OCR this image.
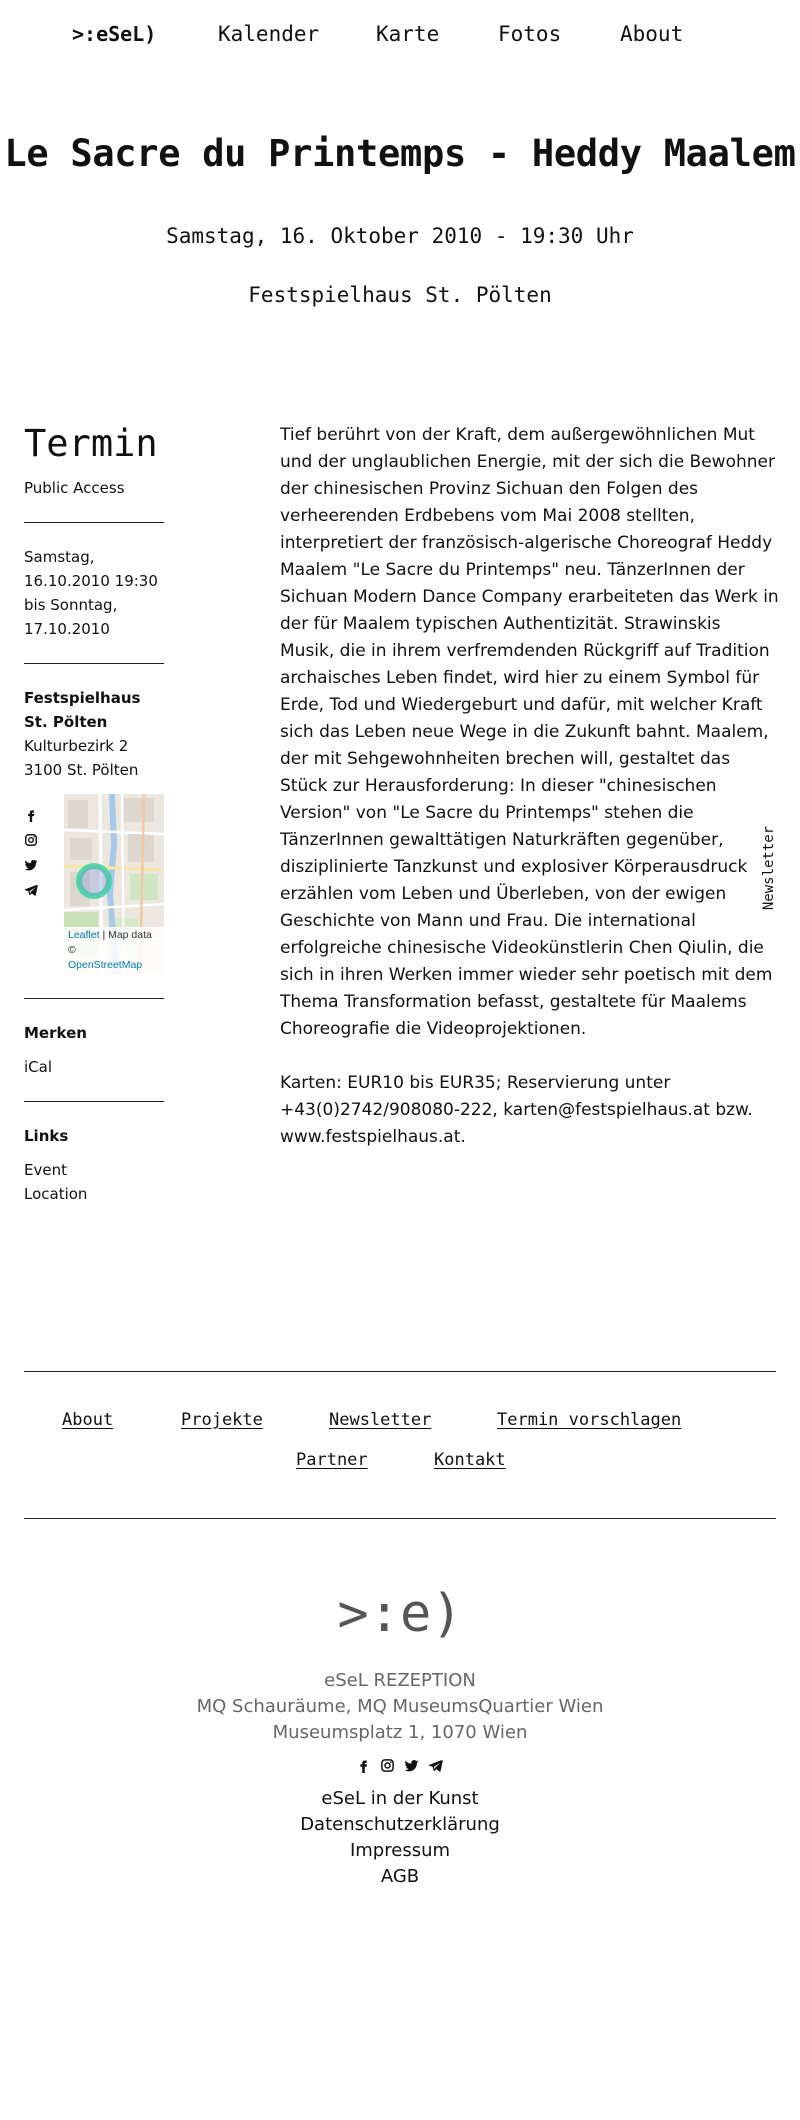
>:eSeL)	Kalender	Karte	Fotos	About
Le Sacre du Printemps - Heddy Maalem
Samstag, 16. Oktober 2010 - 19:30 Uhr
Festspielhaus St. Pölten
Termin
Public Access
Samstag,
16.10.2010 19:30
bis Sonntag,
17.10.2010
Festspielhaus St. Pölten
Kulturbezirk 2
3100 St. Pölten
Leaflet | Map data ©
OpenStreetMap
Merken
iCal
Links
Event
Location

Tief berührt von der Kraft, dem außergewöhnlichen Mut und der unglaublichen Energie, mit der sich die Bewohner der chinesischen Provinz Sichuan den Folgen des verheerenden Erdbebens vom Mai 2008 stellten, interpretiert der französisch-algerische Choreograf Heddy Maalem "Le Sacre du Printemps" neu. TänzerInnen der Sichuan Modern Dance Company erarbeiteten das Werk in der für Maalem typischen Authentizität. Strawinskis Musik, die in ihrem verfremdenden Rückgriff auf Tradition archaisches Leben findet, wird hier zu einem Symbol für Erde, Tod und Wiedergeburt und dafür, mit welcher Kraft sich das Leben neue Wege in die Zukunft bahnt. Maalem, der mit Sehgewohnheiten brechen will, gestaltet das Stück zur Herausforderung: In dieser "chinesischen Version" von "Le Sacre du Printemps" stehen die TänzerInnen gewalttätigen Naturkräften gegenüber, disziplinierte Tanzkunst und explosiver Körperausdruck erzählen vom Leben und Überleben, von der ewigen Geschichte von Mann und Frau. Die international erfolgreiche chinesische Videokünstlerin Chen Qiulin, die sich in ihren Werken immer wieder sehr poetisch mit dem Thema Transformation befasst, gestaltete für Maalems Choreografie die Videoprojektionen.

Karten: EUR10 bis EUR35; Reservierung unter +43(0)2742/908080-222, karten@festspielhaus.at bzw. www.festspielhaus.at.

Newsletter
About	Projekte	Newsletter	Termin vorschlagen
Partner	Kontakt
>:e)
eSeL REZEPTION
MQ Schauräume, MQ MuseumsQuartier Wien
Museumsplatz 1, 1070 Wien
eSeL in der Kunst
Datenschutzerklärung
Impressum
AGB
